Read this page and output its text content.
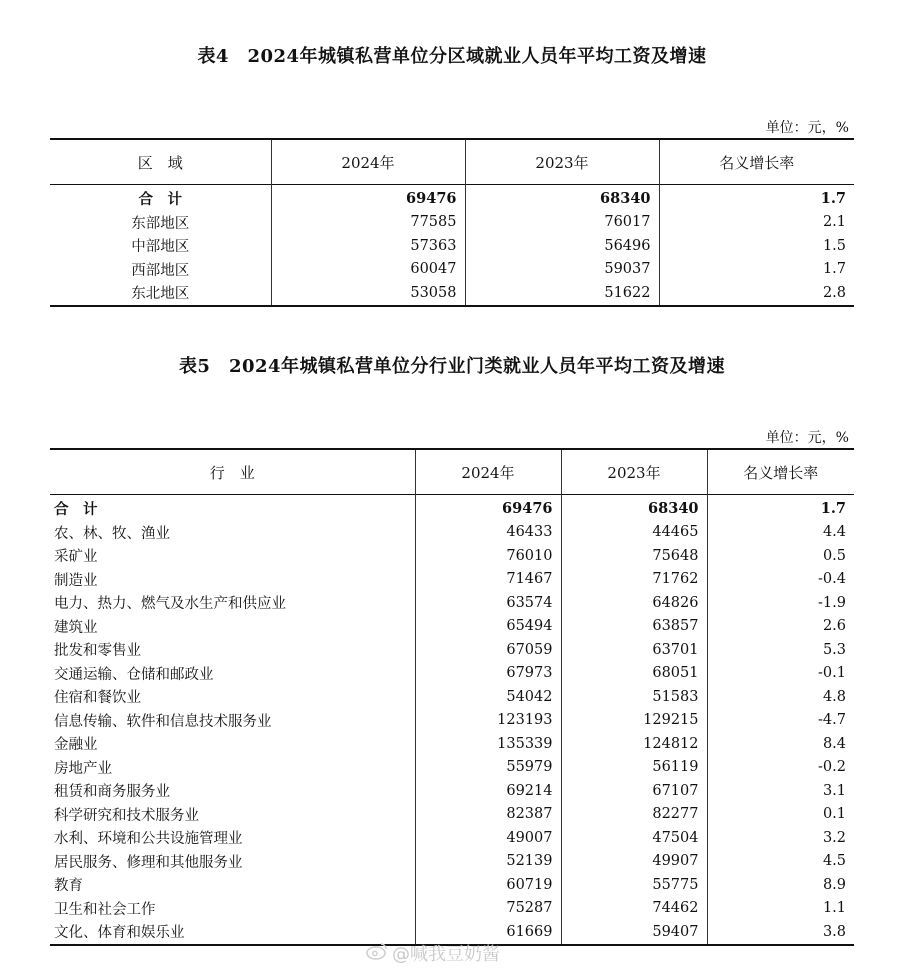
表4　2024年城镇私营单位分区域就业人员年平均工资及增速
单位：元，%
区　域	2024年	2023年	名义增长率
合　计	69476	68340	1.7
东部地区	77585	76017	2.1
中部地区	57363	56496	1.5
西部地区	60047	59037	1.7
东北地区	53058	51622	2.8
表5　2024年城镇私营单位分行业门类就业人员年平均工资及增速
单位：元，%
行　业	2024年	2023年	名义增长率
合　计	69476	68340	1.7
农、林、牧、渔业	46433	44465	4.4
采矿业	76010	75648	0.5
制造业	71467	71762	-0.4
电力、热力、燃气及水生产和供应业	63574	64826	-1.9
建筑业	65494	63857	2.6
批发和零售业	67059	63701	5.3
交通运输、仓储和邮政业	67973	68051	-0.1
住宿和餐饮业	54042	51583	4.8
信息传输、软件和信息技术服务业	123193	129215	-4.7
金融业	135339	124812	8.4
房地产业	55979	56119	-0.2
租赁和商务服务业	69214	67107	3.1
科学研究和技术服务业	82387	82277	0.1
水利、环境和公共设施管理业	49007	47504	3.2
居民服务、修理和其他服务业	52139	49907	4.5
教育	60719	55775	8.9
卫生和社会工作	75287	74462	1.1
文化、体育和娱乐业	61669	59407	3.8
@喊我豆奶酱
